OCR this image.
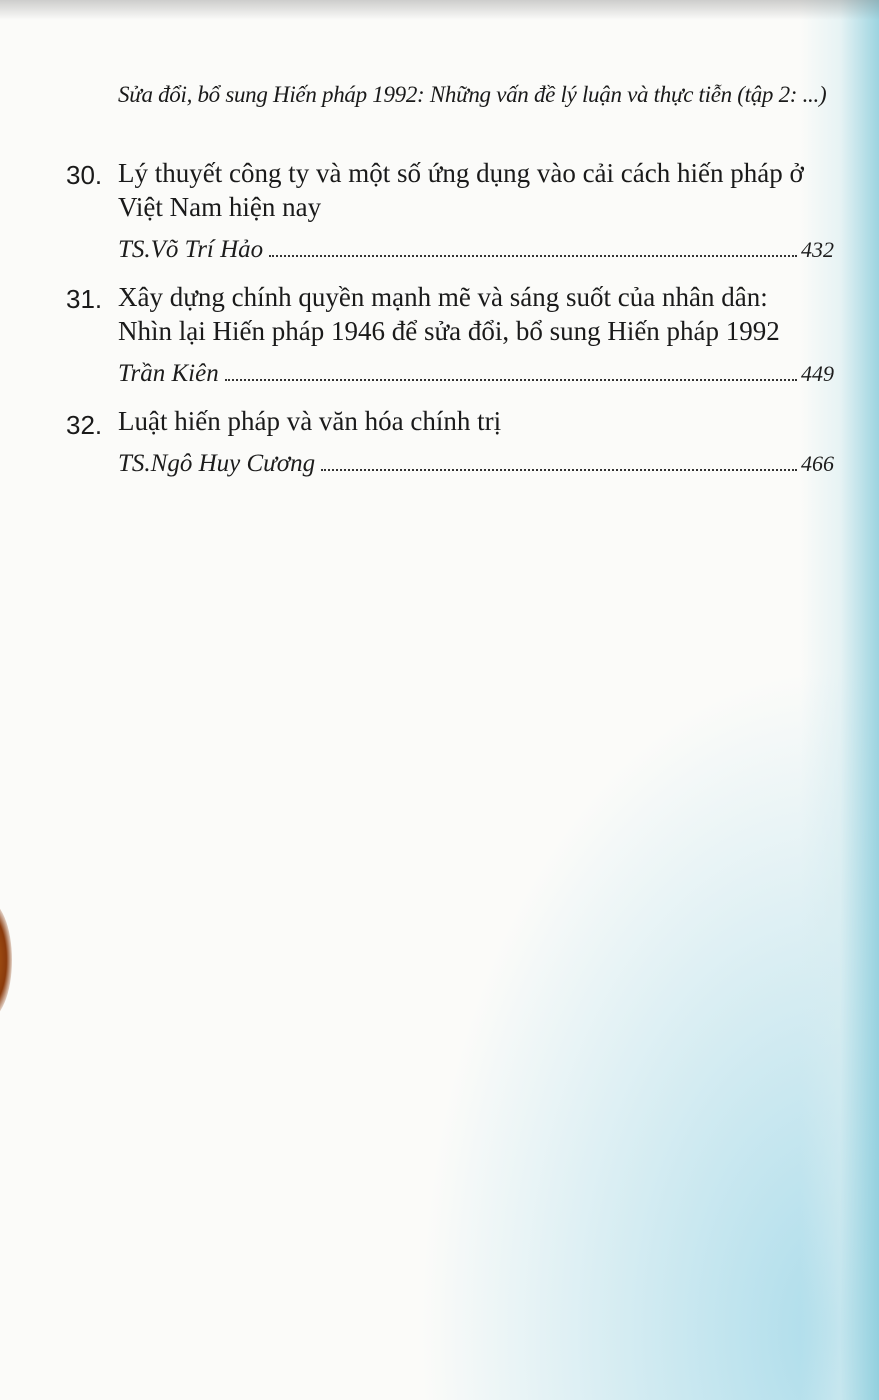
Sửa đổi, bổ sung Hiến pháp 1992: Những vấn đề lý luận và thực tiễn (tập 2: ...)
30. Lý thuyết công ty và một số ứng dụng vào cải cách hiến pháp ở
Việt Nam hiện nay
TS.Võ Trí Hảo	432
31. Xây dựng chính quyền mạnh mẽ và sáng suốt của nhân dân:
Nhìn lại Hiến pháp 1946 để sửa đổi, bổ sung Hiến pháp 1992
Trần Kiên	449
32. Luật hiến pháp và văn hóa chính trị
TS.Ngô Huy Cương	466
